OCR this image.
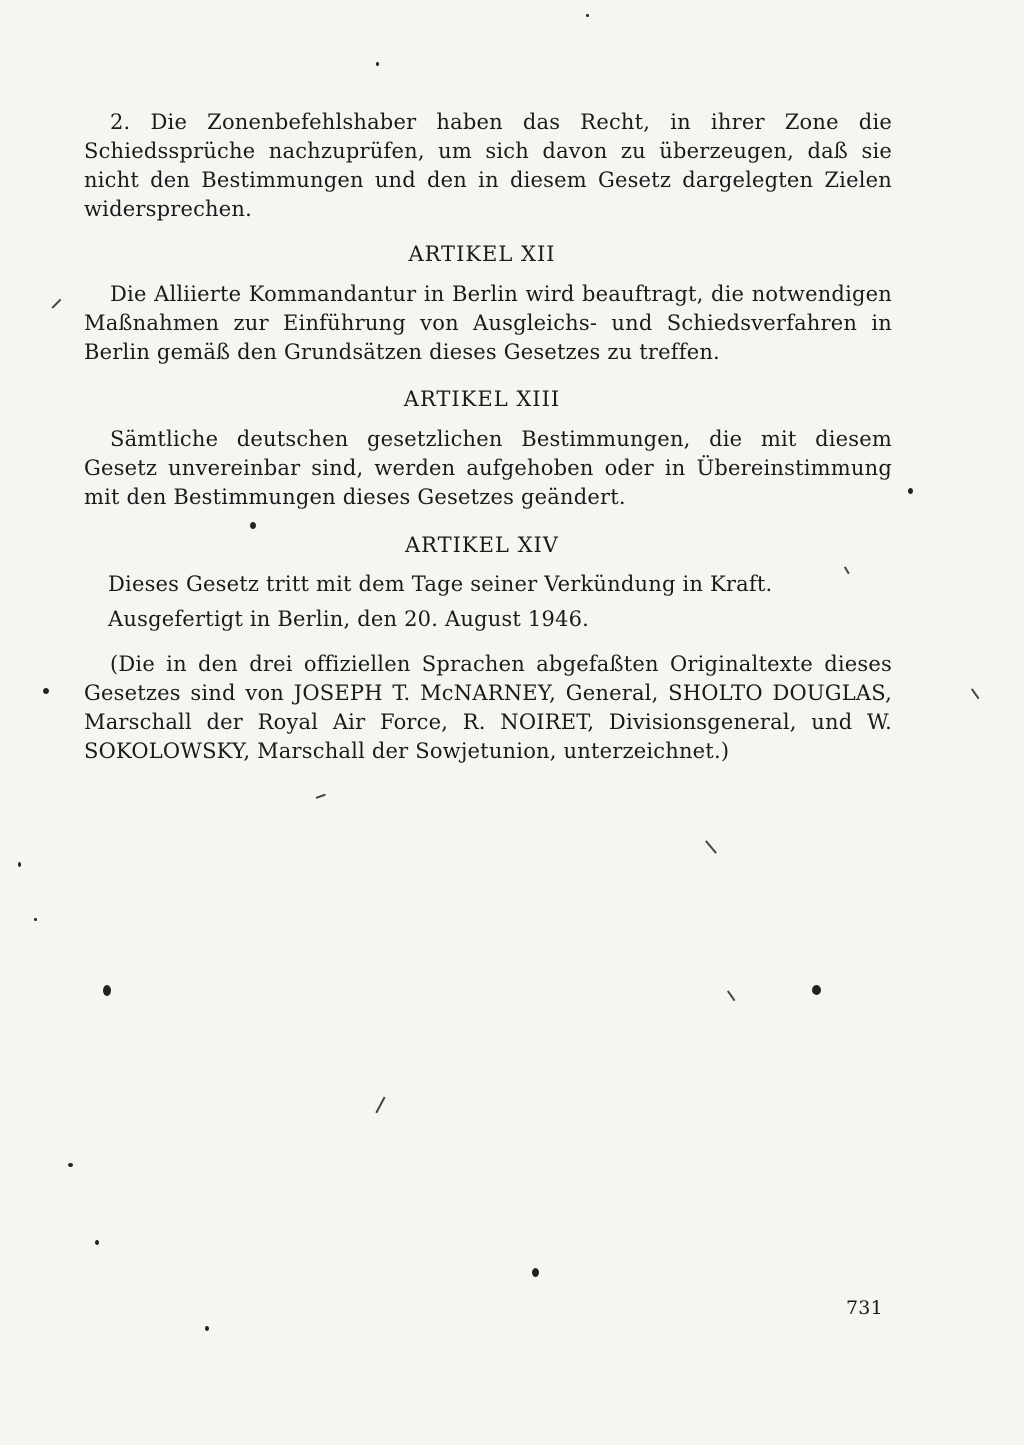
2. Die Zonenbefehlshaber haben das Recht, in ihrer Zone die Schiedssprüche nachzuprüfen, um sich davon zu überzeugen, daß sie nicht den Bestimmungen und den in diesem Gesetz dargelegten Zielen widersprechen.
ARTIKEL XII
Die Alliierte Kommandantur in Berlin wird beauftragt, die notwendigen Maßnahmen zur Einführung von Ausgleichs- und Schiedsverfahren in Berlin gemäß den Grundsätzen dieses Gesetzes zu treffen.
ARTIKEL XIII
Sämtliche deutschen gesetzlichen Bestimmungen, die mit diesem Gesetz unvereinbar sind, werden aufgehoben oder in Übereinstimmung mit den Bestimmungen dieses Gesetzes geändert.
ARTIKEL XIV
Dieses Gesetz tritt mit dem Tage seiner Verkündung in Kraft.
Ausgefertigt in Berlin, den 20. August 1946.
(Die in den drei offiziellen Sprachen abgefaßten Originaltexte dieses Gesetzes sind von JOSEPH T. McNARNEY, General, SHOLTO DOUGLAS, Marschall der Royal Air Force, R. NOIRET, Divisionsgeneral, und W. SOKOLOWSKY, Marschall der Sowjetunion, unterzeichnet.)
731
